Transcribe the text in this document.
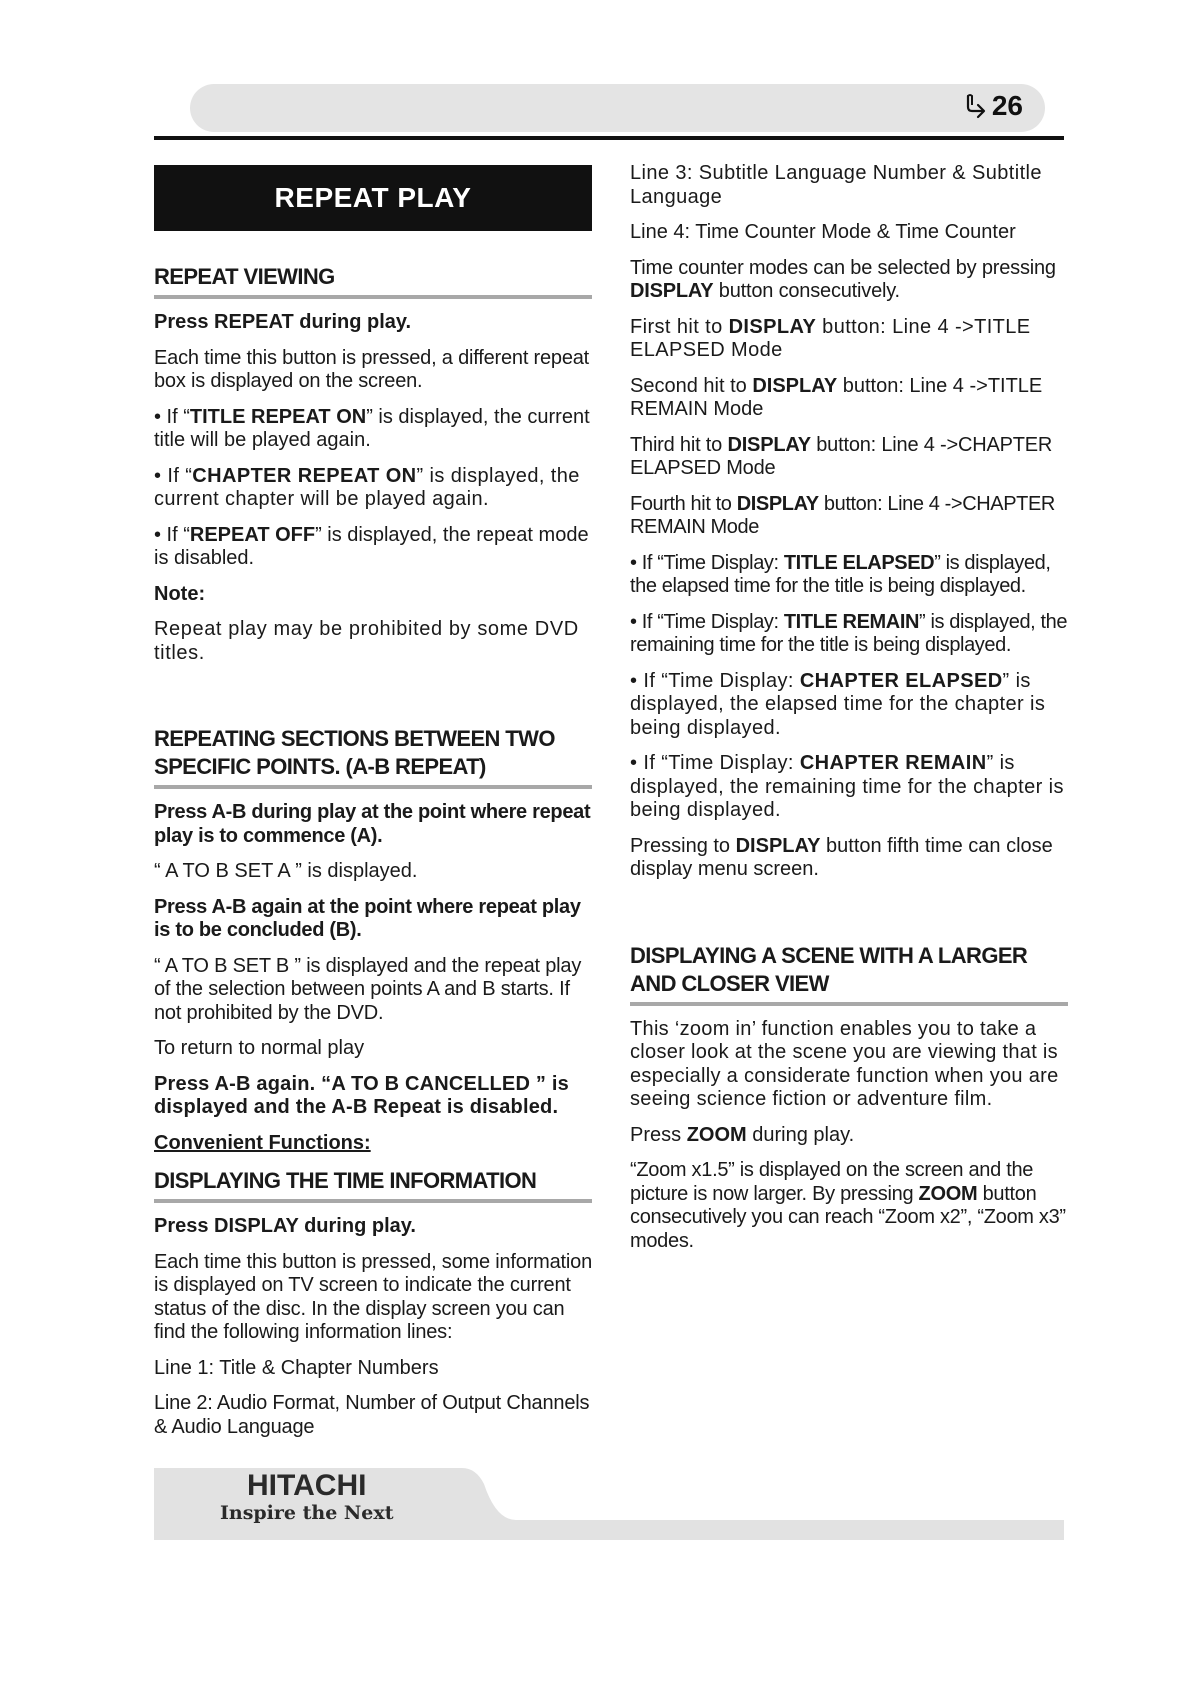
26
REPEAT PLAY
REPEAT VIEWING

Press REPEAT during play.

Each time this button is pressed, a different repeat box is displayed on the screen.

• If “TITLE REPEAT ON” is displayed, the current title will be played again.

• If “CHAPTER REPEAT ON” is displayed, the current chapter will be played again.

• If “REPEAT OFF” is displayed, the repeat mode is disabled.

Note:

Repeat play may be prohibited by some DVD titles.

REPEATING SECTIONS BETWEEN TWO SPECIFIC POINTS. (A-B REPEAT)

Press A-B during play at the point where repeat play is to commence (A).

“ A TO B SET A ” is displayed.

Press A-B again at the point where repeat play is to be concluded (B).

“ A TO B SET B ” is displayed and the repeat play of the selection between points A and B starts. If not prohibited by the DVD.

To return to normal play

Press A-B again. “A TO B CANCELLED ” is displayed and the A-B Repeat is disabled.

Convenient Functions:

DISPLAYING THE TIME INFORMATION

Press DISPLAY during play.

Each time this button is pressed, some information is displayed on TV screen to indicate the current status of the disc. In the display screen you can find the following information lines:

Line 1: Title & Chapter Numbers

Line 2: Audio Format, Number of Output Channels & Audio Language

Line 3: Subtitle Language Number & Subtitle Language

Line 4: Time Counter Mode & Time Counter

Time counter modes can be selected by pressing DISPLAY button consecutively.

First hit to DISPLAY button: Line 4 ->TITLE ELAPSED Mode

Second hit to DISPLAY button: Line 4 ->TITLE REMAIN Mode

Third hit to DISPLAY button: Line 4 ->CHAPTER ELAPSED Mode

Fourth hit to DISPLAY button: Line 4 ->CHAPTER REMAIN Mode

• If “Time Display: TITLE ELAPSED” is displayed, the elapsed time for the title is being displayed.

• If “Time Display: TITLE REMAIN” is displayed, the remaining time for the title is being displayed.

• If “Time Display: CHAPTER ELAPSED” is displayed, the elapsed time for the chapter is being displayed.

• If “Time Display: CHAPTER REMAIN” is displayed, the remaining time for the chapter is being displayed.

Pressing to DISPLAY button fifth time can close display menu screen.

DISPLAYING A SCENE WITH A LARGER AND CLOSER VIEW

This ‘zoom in’ function enables you to take a closer look at the scene you are viewing that is especially a considerate function when you are seeing science fiction or adventure film.

Press ZOOM during play.

“Zoom x1.5” is displayed on the screen and the picture is now larger. By pressing ZOOM button consecutively you can reach “Zoom x2”, “Zoom x3” modes.

HITACHI
Inspire the Next
